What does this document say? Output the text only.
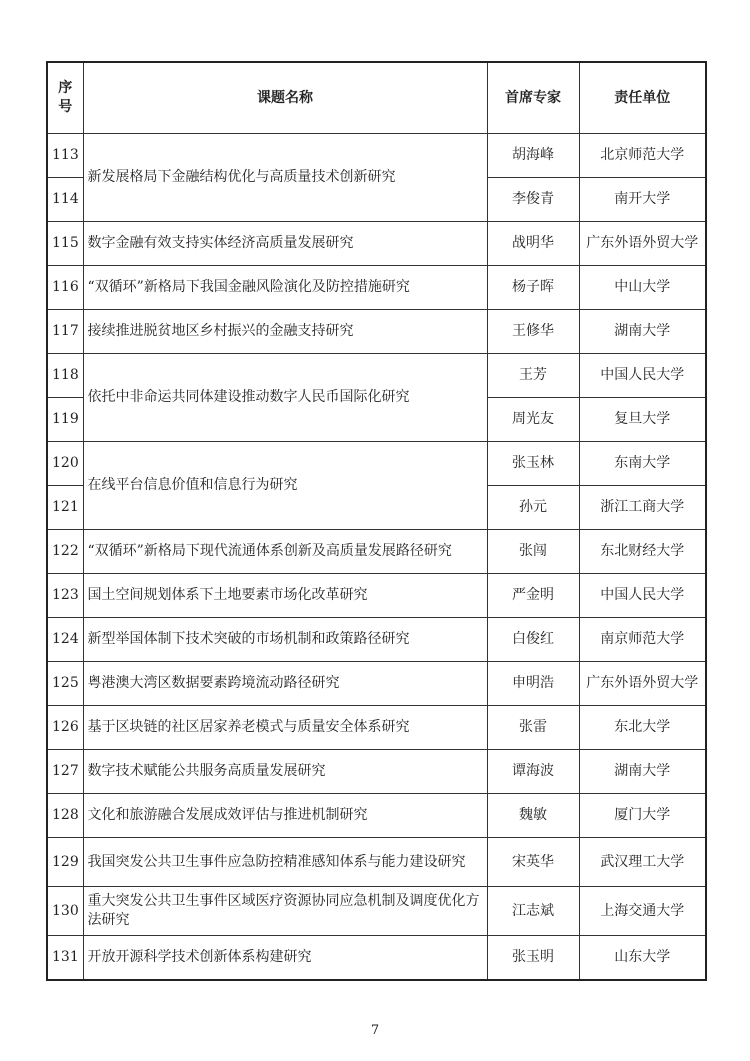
序号	课题名称	首席专家	责任单位
113	新发展格局下金融结构优化与高质量技术创新研究	胡海峰	北京师范大学
114		李俊青	南开大学
115	数字金融有效支持实体经济高质量发展研究	战明华	广东外语外贸大学
116	“双循环”新格局下我国金融风险演化及防控措施研究	杨子晖	中山大学
117	接续推进脱贫地区乡村振兴的金融支持研究	王修华	湖南大学
118	依托中非命运共同体建设推动数字人民币国际化研究	王芳	中国人民大学
119		周光友	复旦大学
120	在线平台信息价值和信息行为研究	张玉林	东南大学
121		孙元	浙江工商大学
122	“双循环”新格局下现代流通体系创新及高质量发展路径研究	张闯	东北财经大学
123	国土空间规划体系下土地要素市场化改革研究	严金明	中国人民大学
124	新型举国体制下技术突破的市场机制和政策路径研究	白俊红	南京师范大学
125	粤港澳大湾区数据要素跨境流动路径研究	申明浩	广东外语外贸大学
126	基于区块链的社区居家养老模式与质量安全体系研究	张雷	东北大学
127	数字技术赋能公共服务高质量发展研究	谭海波	湖南大学
128	文化和旅游融合发展成效评估与推进机制研究	魏敏	厦门大学
129	我国突发公共卫生事件应急防控精准感知体系与能力建设研究	宋英华	武汉理工大学
130	重大突发公共卫生事件区域医疗资源协同应急机制及调度优化方法研究	江志斌	上海交通大学
131	开放开源科学技术创新体系构建研究	张玉明	山东大学
7
